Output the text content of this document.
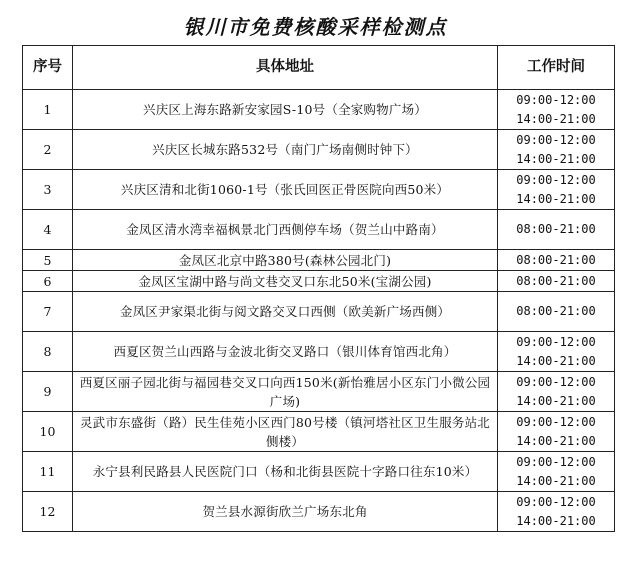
银川市免费核酸采样检测点
序号	具体地址	工作时间
1	兴庆区上海东路新安家园S-10号（全家购物广场）	09:00-12:00
14:00-21:00

2	兴庆区长城东路532号（南门广场南侧时钟下）	09:00-12:00
14:00-21:00

3	兴庆区清和北街1060-1号（张氏回医正骨医院向西50米）	09:00-12:00
14:00-21:00

4	金凤区清水湾幸福枫景北门西侧停车场（贺兰山中路南）	08:00-21:00

5	金凤区北京中路380号(森林公园北门)	08:00-21:00

6	金凤区宝湖中路与尚文巷交叉口东北50米(宝湖公园)	08:00-21:00

7	金凤区尹家渠北街与阅文路交叉口西侧（欧美新广场西侧）	08:00-21:00

8	西夏区贺兰山西路与金波北街交叉路口（银川体育馆西北角）	09:00-12:00
14:00-21:00

9	西夏区丽子园北街与福园巷交叉口向西150米(新怡雅居小区东门小微公园广场)	09:00-12:00
14:00-21:00

10	灵武市东盛街（路）民生佳苑小区西门80号楼（镇河塔社区卫生服务站北侧楼）	09:00-12:00
14:00-21:00

11	永宁县利民路县人民医院门口（杨和北街县医院十字路口往东10米）	09:00-12:00
14:00-21:00

12	贺兰县水源街欣兰广场东北角	09:00-12:00
14:00-21:00
